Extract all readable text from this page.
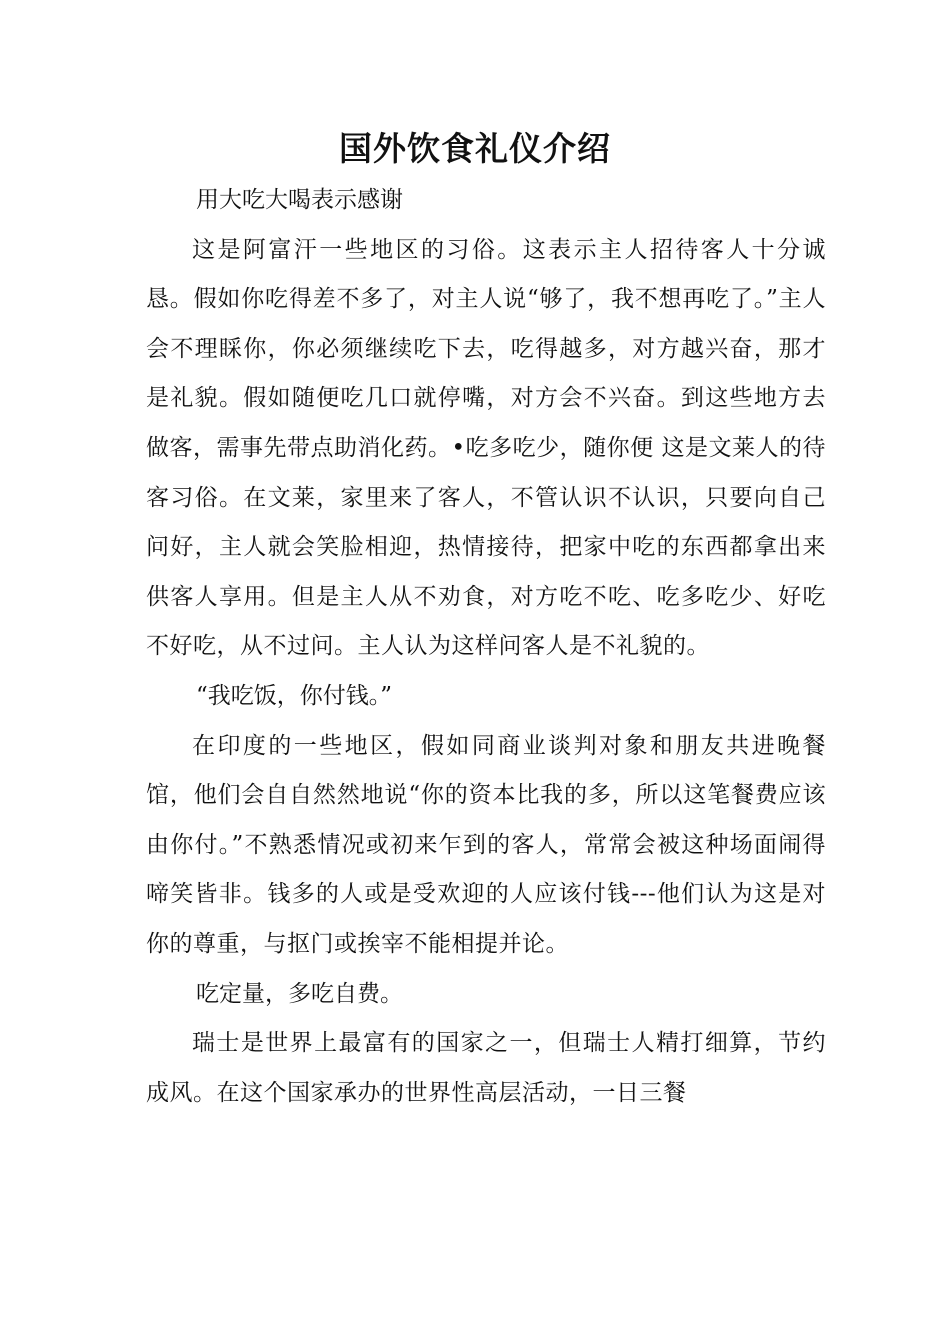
国外饮食礼仪介绍

用大吃大喝表示感谢

这是阿富汗一些地区的习俗。这表示主人招待客人十分诚恳。假如你吃得差不多了，对主人说“够了，我不想再吃了。”主人会不理睬你，你必须继续吃下去，吃得越多，对方越兴奋，那才是礼貌。假如随便吃几口就停嘴，对方会不兴奋。到这些地方去做客，需事先带点助消化药。•吃多吃少，随你便 这是文莱人的待客习俗。在文莱，家里来了客人，不管认识不认识，只要向自己问好，主人就会笑脸相迎，热情接待，把家中吃的东西都拿出来供客人享用。但是主人从不劝食，对方吃不吃、吃多吃少、好吃不好吃，从不过问。主人认为这样问客人是不礼貌的。

“我吃饭，你付钱。”

在印度的一些地区，假如同商业谈判对象和朋友共进晚餐馆，他们会自自然然地说“你的资本比我的多，所以这笔餐费应该由你付。”不熟悉情况或初来乍到的客人，常常会被这种场面闹得啼笑皆非。钱多的人或是受欢迎的人应该付钱---他们认为这是对你的尊重，与抠门或挨宰不能相提并论。

吃定量，多吃自费。

瑞士是世界上最富有的国家之一，但瑞士人精打细算，节约成风。在这个国家承办的世界性高层活动，一日三餐
